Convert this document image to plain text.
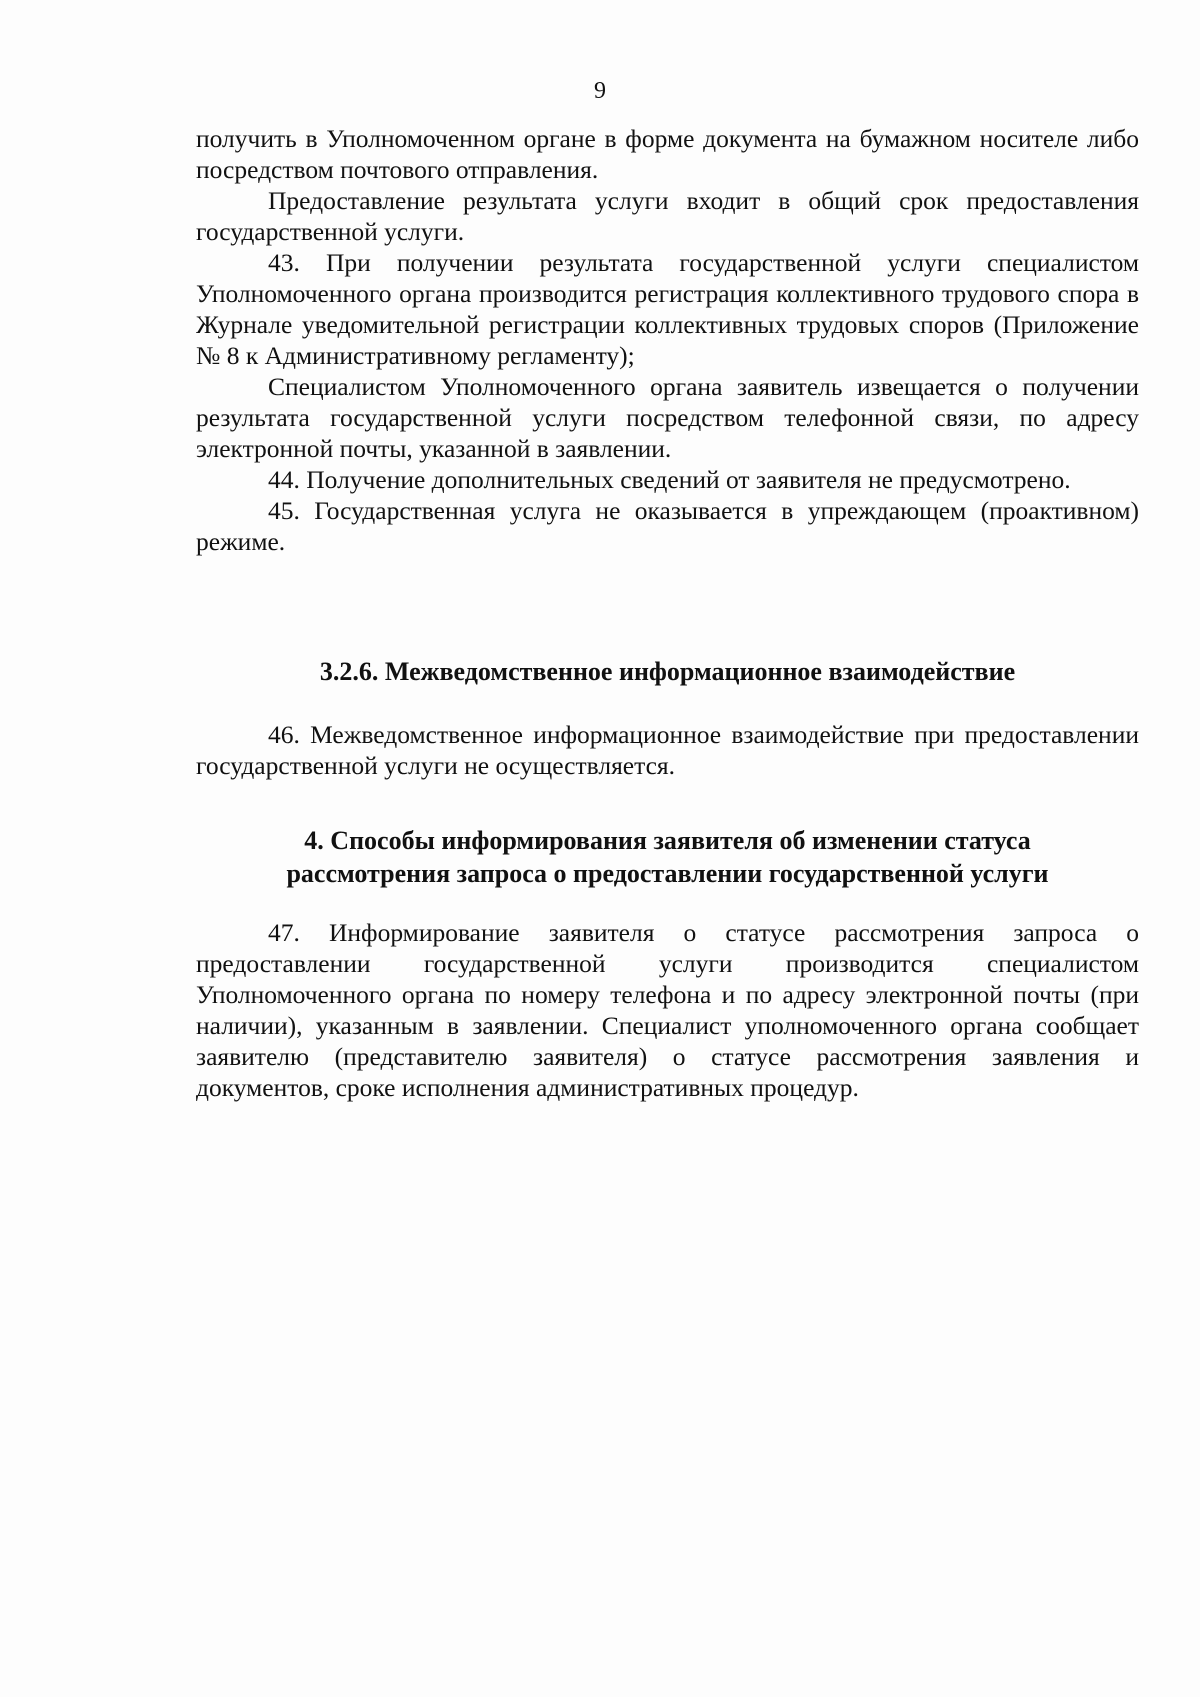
9

получить в Уполномоченном органе в форме документа на бумажном носителе либо посредством почтового отправления.

Предоставление результата услуги входит в общий срок предоставления государственной услуги.

43. При получении результата государственной услуги специалистом Уполномоченного органа производится регистрация коллективного трудового спора в Журнале уведомительной регистрации коллективных трудовых споров (Приложение № 8 к Административному регламенту);

Специалистом Уполномоченного органа заявитель извещается о получении результата государственной услуги посредством телефонной связи, по адресу электронной почты, указанной в заявлении.

44. Получение дополнительных сведений от заявителя не предусмотрено.

45. Государственная услуга не оказывается в упреждающем (проактивном) режиме.

3.2.6. Межведомственное информационное взаимодействие

46. Межведомственное информационное взаимодействие при предоставлении государственной услуги не осуществляется.

4. Способы информирования заявителя об изменении статуса
рассмотрения запроса о предоставлении государственной услуги

47. Информирование заявителя о статусе рассмотрения запроса о предоставлении государственной услуги производится специалистом Уполномоченного органа по номеру телефона и по адресу электронной почты (при наличии), указанным в заявлении. Специалист уполномоченного органа сообщает заявителю (представителю заявителя) о статусе рассмотрения заявления и документов, сроке исполнения административных процедур.
